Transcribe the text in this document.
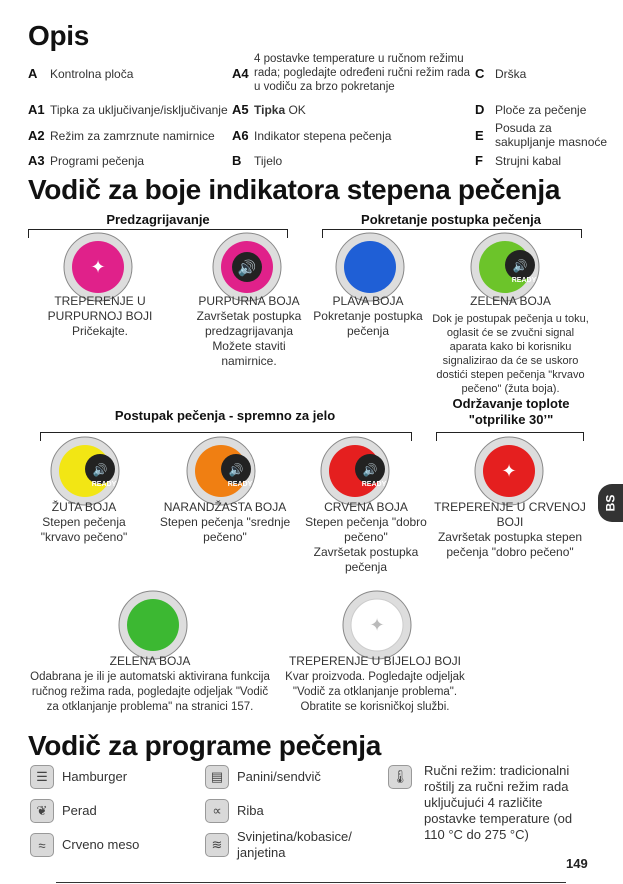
Opis
A Kontrolna ploča
A1 Tipka za uključivanje/isključivanje
A2 Režim za zamrznute namirnice
A3 Programi pečenja
A4
4 postavke temperature u ručnom režimu rada; pogledajte određeni ručni režim rada u vodiču za brzo pokretanje
A5 Tipka OK
A6 Indikator stepena pečenja
B Tijelo
C Drška
D Ploče za pečenje
E Posuda za sakupljanje masnoće
F Strujni kabal
Vodič za boje indikatora stepena pečenja
Predzagrijavanje	Pokretanje postupka pečenja
✦	🔊	🔊
READY
TREPERENJE U PURPURNOJ BOJI
Pričekajte.
PURPURNA BOJA
Završetak postupka predzagrijavanja
Možete staviti namirnice.
PLAVA BOJA
Pokretanje postupka pečenja
ZELENA BOJA
Dok je postupak pečenja u toku, oglasit će se zvučni signal aparata kako bi korisniku signalizirao da će se uskoro dostići stepen pečenja "krvavo pečeno" (žuta boja).
Postupak pečenja - spremno za jelo
Održavanje toplote "otprilike 30’"
🔊
READY
🔊
READY
🔊
READY
✦
ŽUTA BOJA
Stepen pečenja "krvavo pečeno"
NARANDŽASTA BOJA
Stepen pečenja "srednje pečeno"
CRVENA BOJA
Stepen pečenja "dobro pečeno"
Završetak postupka pečenja
TREPERENJE U CRVENOJ BOJI
Završetak postupka stepen pečenja "dobro pečeno"
✦
ZELENA BOJA
Odabrana je ili je automatski aktivirana funkcija ručnog režima rada, pogledajte odjeljak "Vodič za otklanjanje problema" na stranici 157.
TREPERENJE U BIJELOJ BOJI
Kvar proizvoda. Pogledajte odjeljak "Vodič za otklanjanje problema". Obratite se korisničkoj službi.
BS
Vodič za programe pečenja
☰	Hamburger
❦	Perad
≈	Crveno meso
▤	Panini/sendvič
∝	Riba
≋
Svinjetina/kobasice/ janjetina
🌡 Ručni režim: tradicionalni roštilj za ručni režim rada uključujući 4 različite postavke temperature (od 110 °C do 275 °C)
149
